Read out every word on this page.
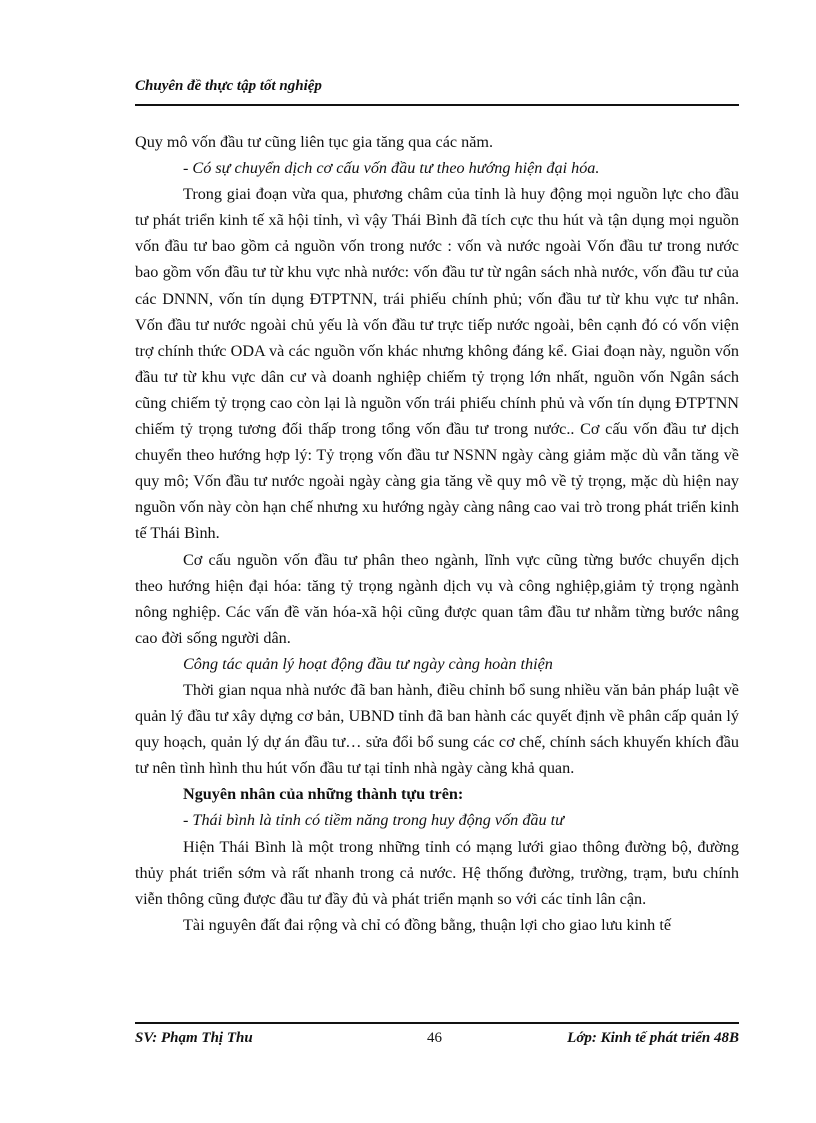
Chuyên đề thực tập tốt nghiệp

Quy mô vốn đầu tư cũng liên tục gia tăng qua các năm.

- Có sự chuyển dịch cơ cấu vốn đầu tư theo hướng hiện đại hóa.

Trong giai đoạn vừa qua, phương châm của tỉnh là huy động mọi nguồn lực cho đầu tư phát triển kinh tế xã hội tỉnh, vì vậy Thái Bình đã tích cực thu hút và tận dụng mọi nguồn vốn đầu tư bao gồm cả nguồn vốn trong nước : vốn và nước ngoài Vốn đầu tư trong nước bao gồm vốn đầu tư từ khu vực nhà nước: vốn đầu tư từ ngân sách nhà nước, vốn đầu tư của các DNNN, vốn tín dụng ĐTPTNN, trái phiếu chính phủ; vốn đầu tư từ khu vực tư nhân. Vốn đầu tư nước ngoài chủ yếu là vốn đầu tư trực tiếp nước ngoài, bên cạnh đó có vốn viện trợ chính thức ODA và các nguồn vốn khác nhưng không đáng kể. Giai đoạn này, nguồn vốn đầu tư từ khu vực dân cư và doanh nghiệp chiếm tỷ trọng lớn nhất, nguồn vốn Ngân sách cũng chiếm tỷ trọng cao còn lại là nguồn vốn trái phiếu chính phủ và vốn tín dụng ĐTPTNN chiếm tỷ trọng tương đối thấp trong tổng vốn đầu tư trong nước.. Cơ cấu vốn đầu tư dịch chuyển theo hướng hợp lý: Tỷ trọng vốn đầu tư NSNN ngày càng giảm mặc dù vẫn tăng về quy mô; Vốn đầu tư nước ngoài ngày càng gia tăng về quy mô về tỷ trọng, mặc dù hiện nay nguồn vốn này còn hạn chế nhưng xu hướng ngày càng nâng cao vai trò trong phát triển kinh tế Thái Bình.

Cơ cấu nguồn vốn đầu tư phân theo ngành, lĩnh vực cũng từng bước chuyển dịch theo hướng hiện đại hóa: tăng tỷ trọng ngành dịch vụ và công nghiệp,giảm tỷ trọng ngành nông nghiệp. Các vấn đề văn hóa-xã hội cũng được quan tâm đầu tư nhằm từng bước nâng cao đời sống người dân.

Công tác quản lý hoạt động đầu tư ngày càng hoàn thiện

Thời gian nqua nhà nước đã ban hành, điều chỉnh bổ sung nhiều văn bản pháp luật về quản lý đầu tư xây dựng cơ bản, UBND tỉnh đã ban hành các quyết định về phân cấp quản lý quy hoạch, quản lý dự án đầu tư… sửa đổi bổ sung các cơ chế, chính sách khuyến khích đầu tư nên tình hình thu hút vốn đầu tư tại tỉnh nhà ngày càng khả quan.

Nguyên nhân của những thành tựu trên:

- Thái bình là tỉnh có tiềm năng trong huy động vốn đầu tư

Hiện Thái Bình là một trong những tỉnh có mạng lưới giao thông đường bộ, đường thủy phát triển sớm và rất nhanh trong cả nước. Hệ thống đường, trường, trạm, bưu chính viễn thông cũng được đầu tư đầy đủ và phát triển mạnh so với các tỉnh lân cận.

Tài nguyên đất đai rộng và chỉ có đồng bằng, thuận lợi cho giao lưu kinh tế

SV: Phạm Thị Thu	46	Lớp: Kinh tế phát triển 48B
